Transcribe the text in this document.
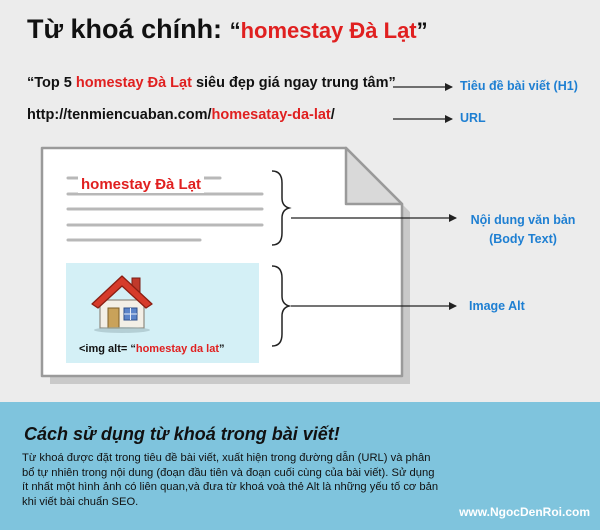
Từ khoá chính: “homestay Đà Lạt”
“Top 5 homestay Đà Lạt siêu đẹp giá ngay trung tâm”
http://tenmiencuaban.com/homesatay-da-lat/
Tiêu đề bài viết (H1)
URL
Nội dung văn bản
(Body Text)
Image Alt
homestay Đà Lạt
<img alt= “homestay da lat”
Cách sử dụng từ khoá trong bài viết!
Từ khoá được đặt trong tiêu đề bài viết, xuất hiện trong đường dẫn (URL) và phân bổ tự nhiên trong nội dung (đoạn đầu tiên và đoạn cuối cùng của bài viết). Sử dụng ít nhất một hình ảnh có liên quan,và đưa từ khoá voà thẻ Alt là những yếu tố cơ bản khi viết bài chuẩn SEO.
www.NgocDenRoi.com
